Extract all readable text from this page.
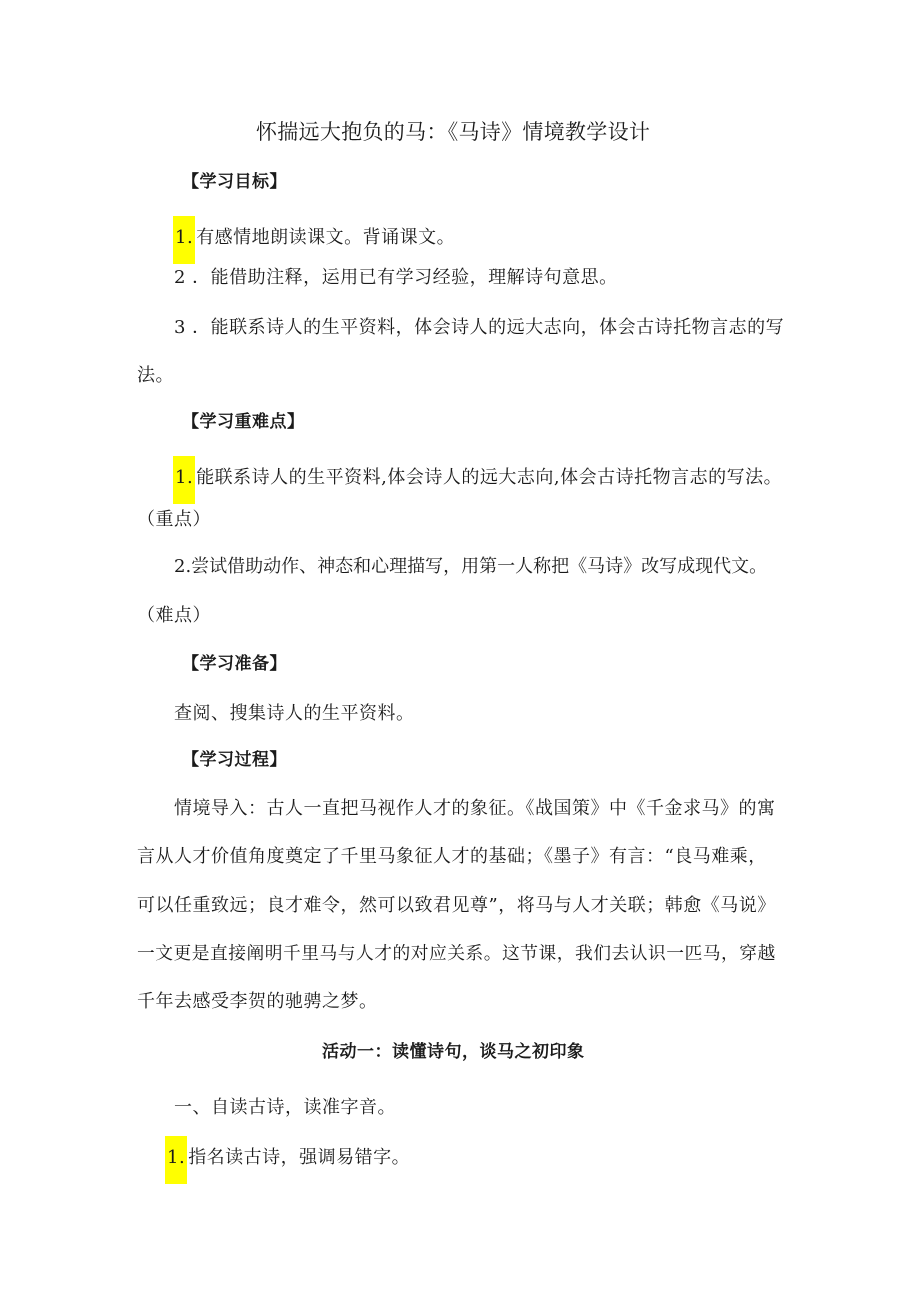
怀揣远大抱负的马：《马诗》情境教学设计
【学习目标】
1. 有感情地朗读课文。背诵课文。
2 ．能借助注释，运用已有学习经验，理解诗句意思。
3 ．能联系诗人的生平资料，体会诗人的远大志向，体会古诗托物言志的写
法。
【学习重难点】
1. 能联系诗人的生平资料,体会诗人的远大志向,体会古诗托物言志的写法。
（重点）
2.尝试借助动作、神态和心理描写，用第一人称把《马诗》改写成现代文。
（难点）
【学习准备】
查阅、搜集诗人的生平资料。
【学习过程】
情境导入：古人一直把马视作人才的象征。《战国策》中《千金求马》的寓
言从人才价值角度奠定了千里马象征人才的基础；《墨子》有言：“良马难乘，
可以任重致远；良才难令，然可以致君见尊”，将马与人才关联；韩愈《马说》
一文更是直接阐明千里马与人才的对应关系。这节课，我们去认识一匹马，穿越
千年去感受李贺的驰骋之梦。
活动一：读懂诗句，谈马之初印象
一、自读古诗，读准字音。
1. 指名读古诗，强调易错字。
